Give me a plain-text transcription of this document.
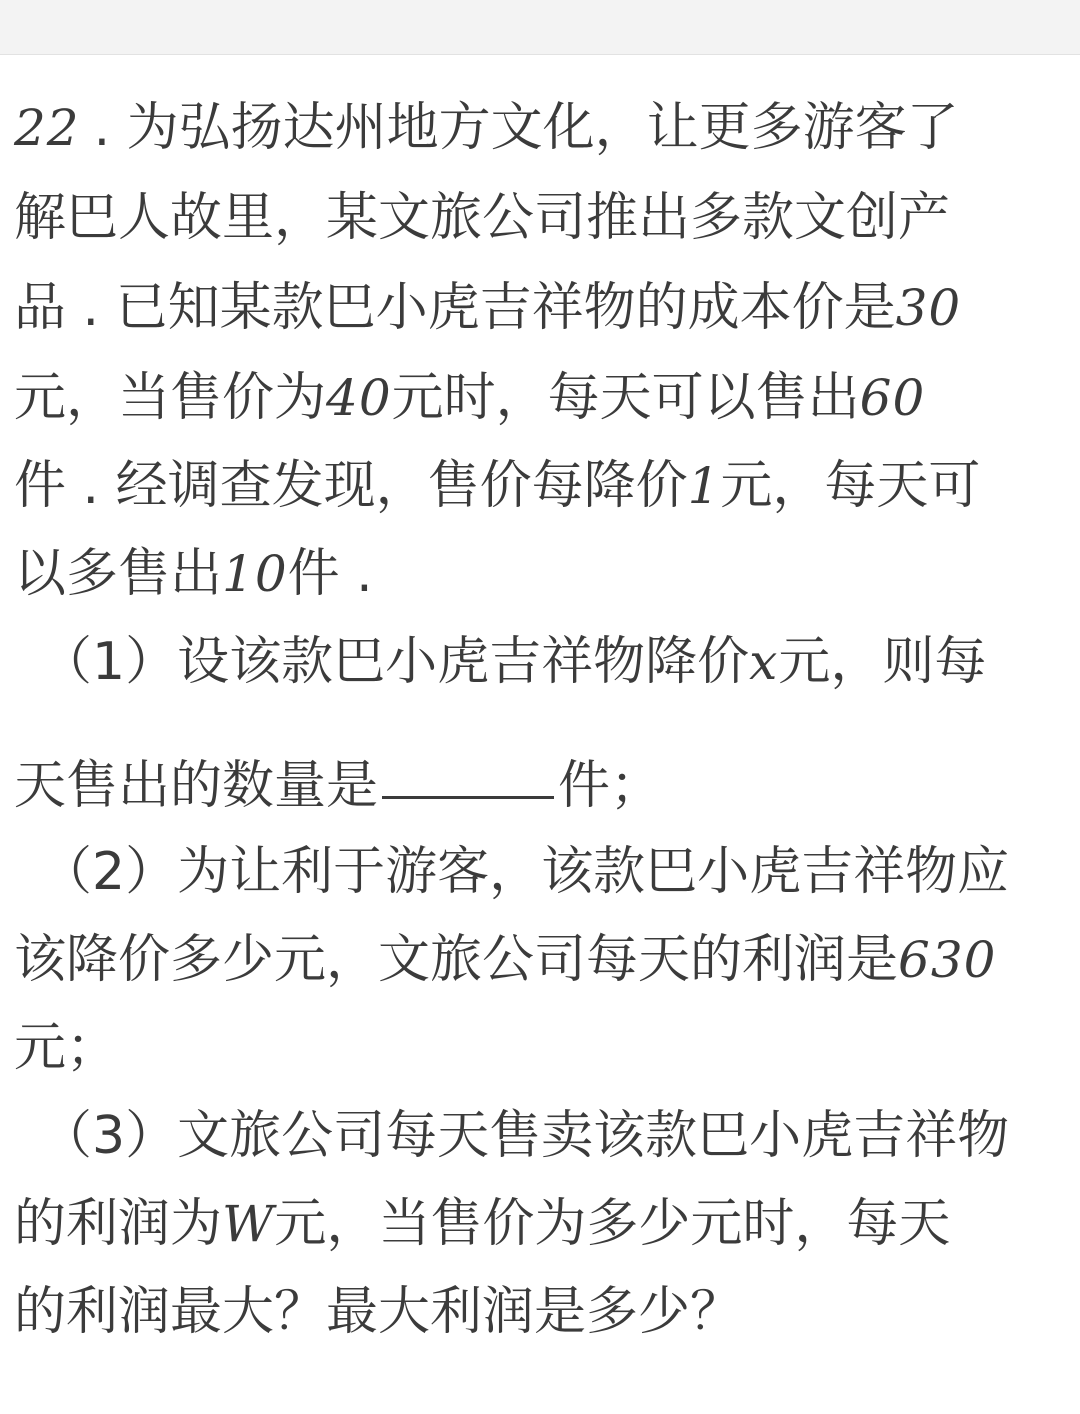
22 . 为弘扬达州地方文化，让更多游客了
解巴人故里，某文旅公司推出多款文创产
品 . 已知某款巴小虎吉祥物的成本价是30
元，当售价为40元时，每天可以售出60
件 . 经调查发现，售价每降价1元，每天可
以多售出10件 .
（1）设该款巴小虎吉祥物降价x元，则每
天售出的数量是	件；
（2）为让利于游客，该款巴小虎吉祥物应
该降价多少元，文旅公司每天的利润是630
元；
（3）文旅公司每天售卖该款巴小虎吉祥物
的利润为W元，当售价为多少元时，每天
的利润最大？最大利润是多少？
